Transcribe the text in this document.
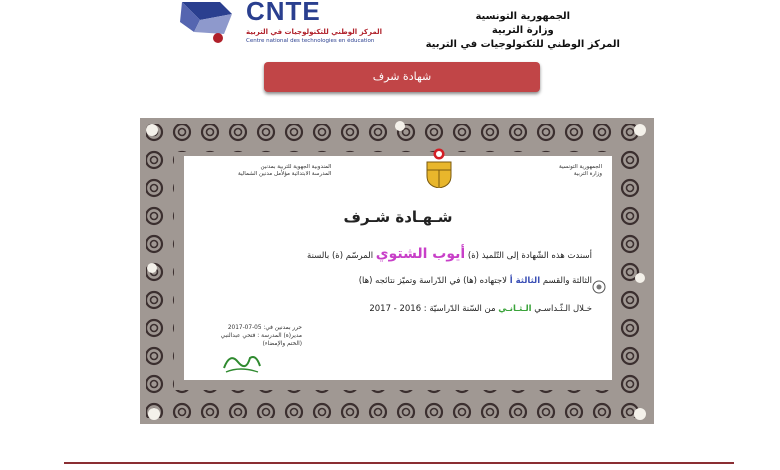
CNTE
المركز الوطني للتكنولوجيات في التربية
Centre national des technologies en éducation
الجمهورية التونسية
وزارة التربية
المركز الوطني للتكنولوجيات في التربية
شهادة شرف
المندوبية الجهوية للتربية بمدنين
المدرسة الابتدائية مؤلأمل مدنين الشمالية
الجمهورية التونسية
وزارة التربية
شـهـادة شـرف
أسندت هذه الشّهادة إلى التّلميذ (ة) أيوب الشتوي المرسّم (ة) بالسنة
الثالثة والقسم الثالثة أ لاجتهاده (ها) في الدّراسة وتميّز نتائجه (ها)
خـلال الـثّـداسـي الـثـانـي من السّنة الدّراسيّة : 2016 - 2017
حرر بمدنين في: 05-07-2017
مدير(ة) المدرسة : فتحي عبدالنبي
(الختم والإمضاء)
